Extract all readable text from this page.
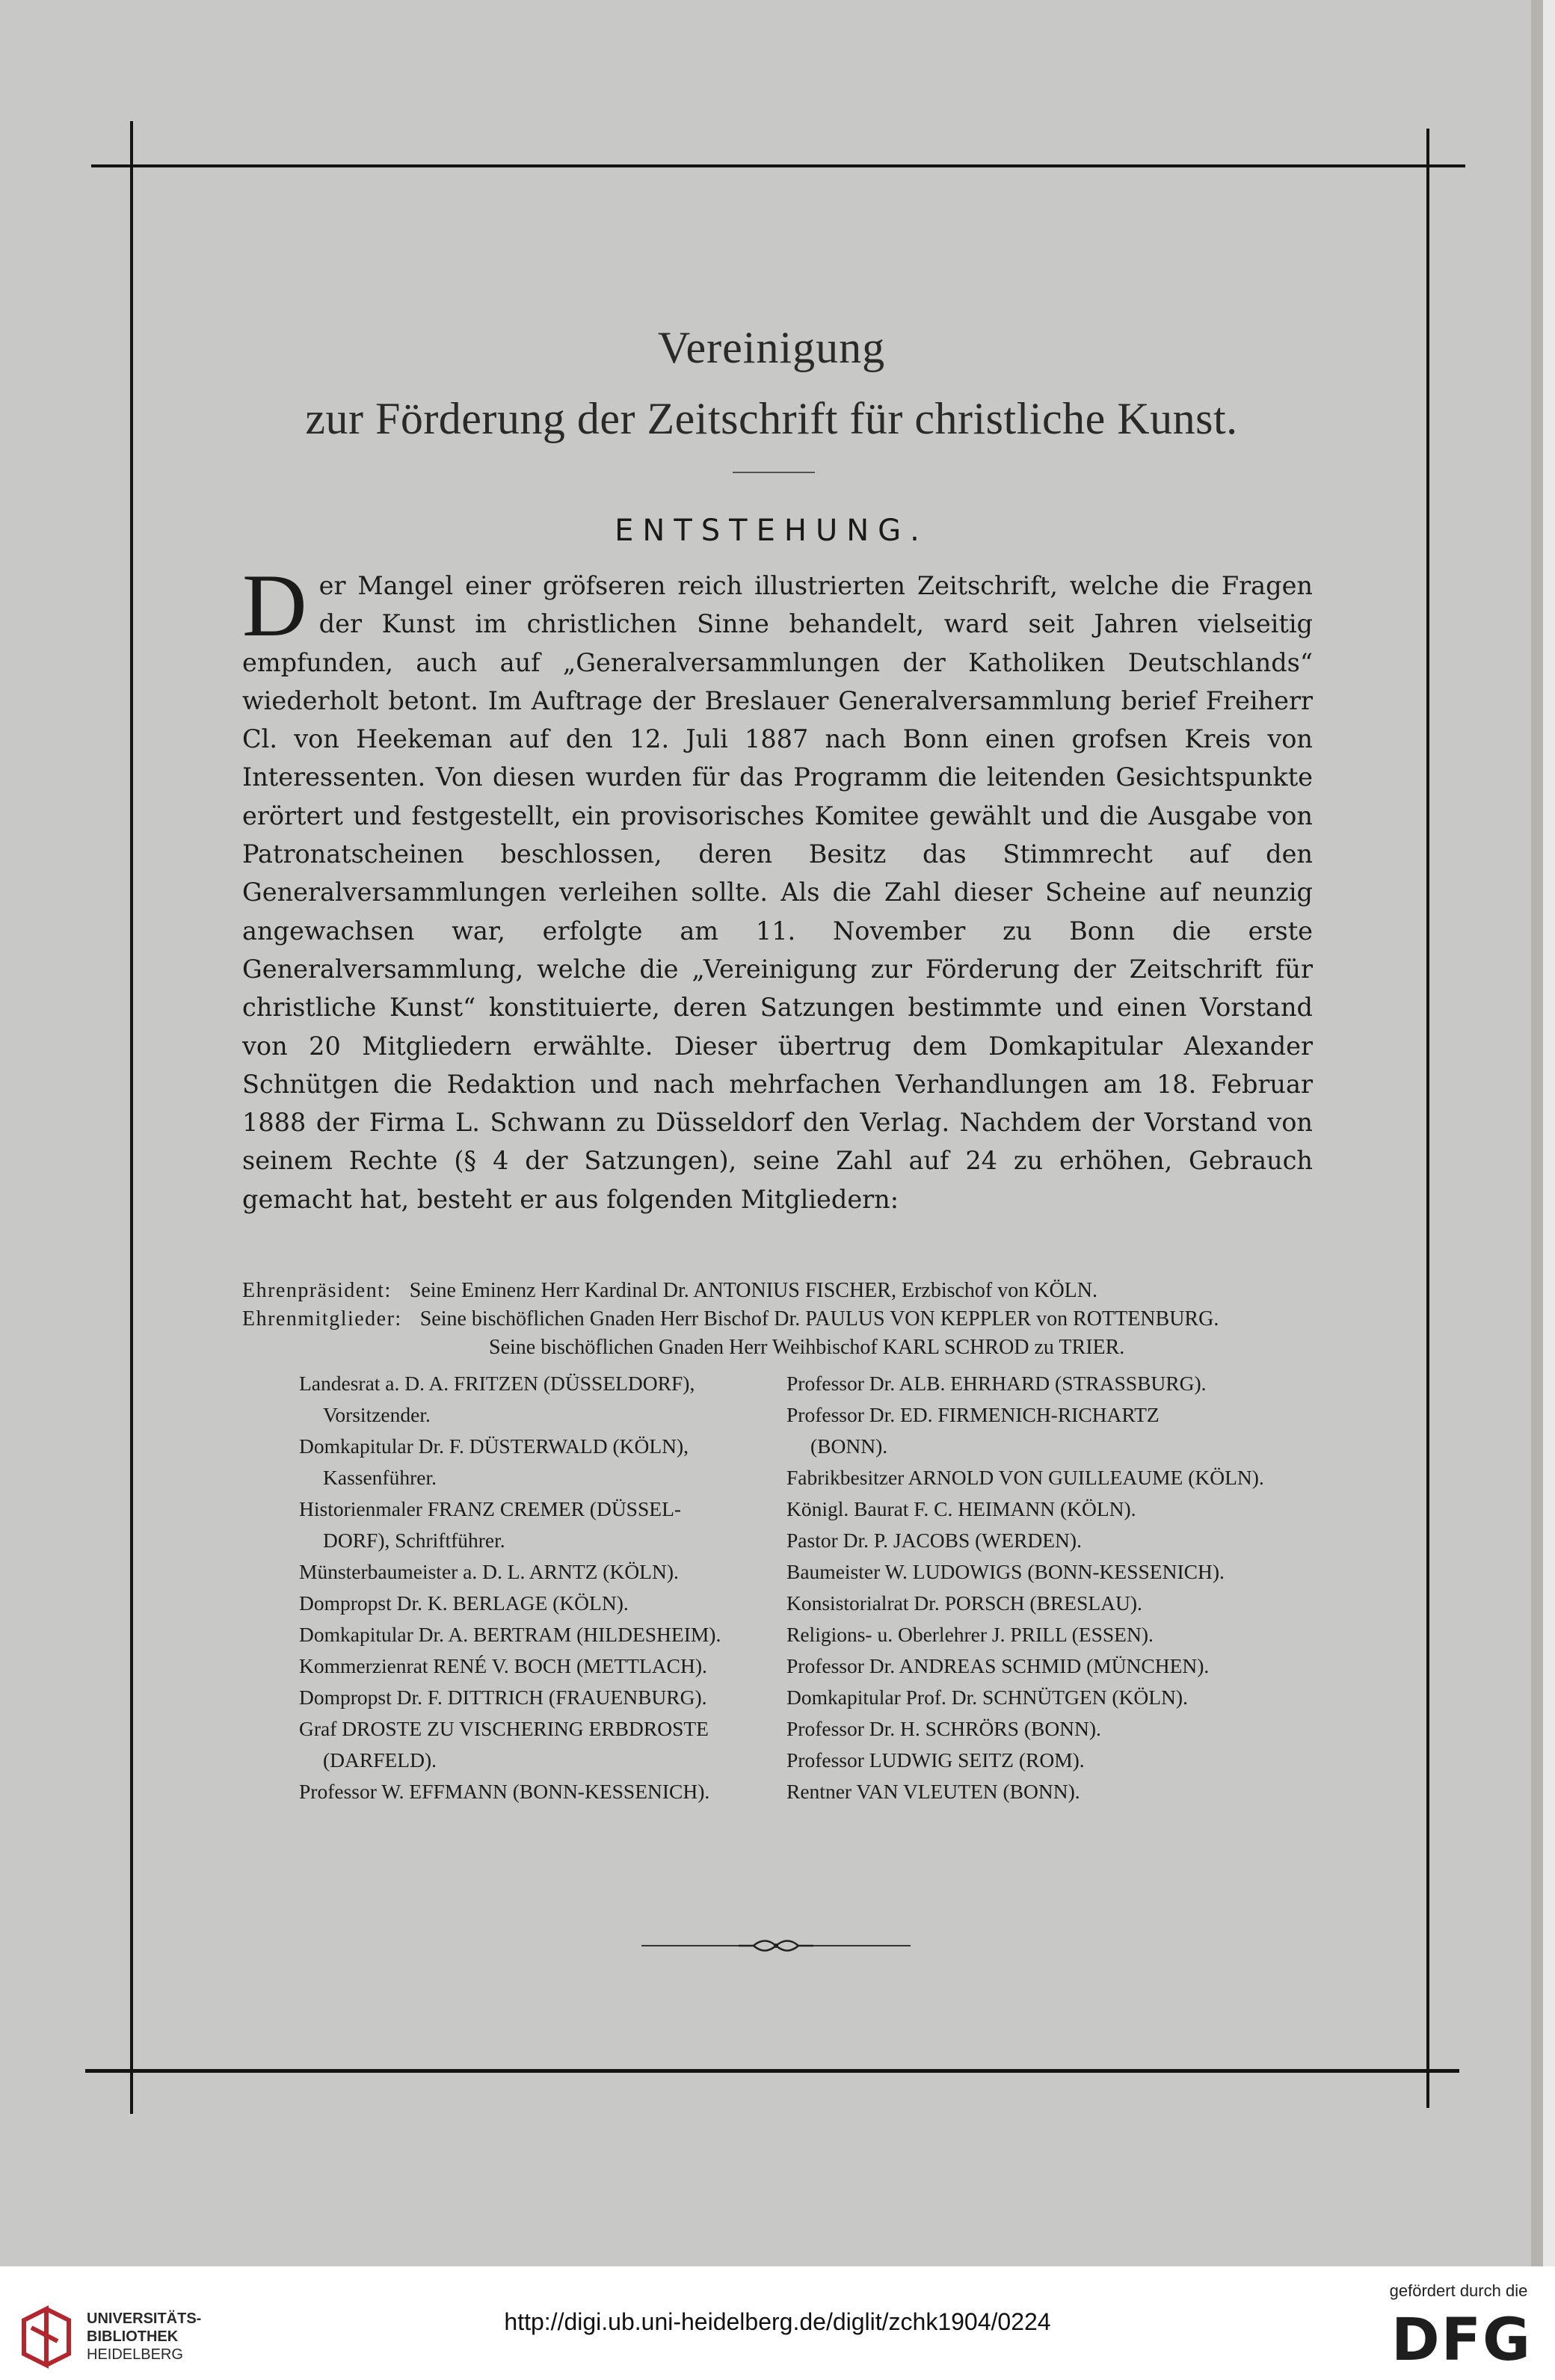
Vereinigung
zur Förderung der Zeitschrift für christliche Kunst.
ENTSTEHUNG.

D er Mangel einer gröfseren reich illustrierten Zeitschrift, welche die Fragen der Kunst im christlichen Sinne behandelt, ward seit Jahren vielseitig empfunden, auch auf „Generalversammlungen der Katholiken Deutschlands“ wiederholt betont. Im Auftrage der Breslauer Generalversammlung berief Freiherr Cl. von Heekeman auf den 12. Juli 1887 nach Bonn einen grofsen Kreis von Interessenten. Von diesen wurden für das Programm die leitenden Gesichtspunkte erörtert und festgestellt, ein provisorisches Komitee gewählt und die Ausgabe von Patronatscheinen beschlossen, deren Besitz das Stimmrecht auf den Generalversammlungen verleihen sollte. Als die Zahl dieser Scheine auf neunzig angewachsen war, erfolgte am 11. November zu Bonn die erste Generalversammlung, welche die „Vereinigung zur Förderung der Zeitschrift für christliche Kunst“ konstituierte, deren Satzungen bestimmte und einen Vorstand von 20 Mitgliedern erwählte. Dieser übertrug dem Domkapitular Alexander Schnütgen die Redaktion und nach mehrfachen Verhandlungen am 18. Februar 1888 der Firma L. Schwann zu Düsseldorf den Verlag. Nachdem der Vorstand von seinem Rechte (§ 4 der Satzungen), seine Zahl auf 24 zu erhöhen, Gebrauch gemacht hat, besteht er aus folgenden Mitgliedern:

Ehrenpräsident: Seine Eminenz Herr Kardinal Dr. ANTONIUS FISCHER, Erzbischof von KÖLN.
Ehrenmitglieder: Seine bischöflichen Gnaden Herr Bischof Dr. PAULUS VON KEPPLER von ROTTENBURG.
Seine bischöflichen Gnaden Herr Weihbischof KARL SCHROD zu TRIER.
Landesrat a. D. A. FRITZEN (DÜSSELDORF),
Vorsitzender.
Domkapitular Dr. F. DÜSTERWALD (KÖLN),
Kassenführer.
Historienmaler FRANZ CREMER (DÜSSEL-
DORF), Schriftführer.
Münsterbaumeister a. D. L. ARNTZ (KÖLN).
Dompropst Dr. K. BERLAGE (KÖLN).
Domkapitular Dr. A. BERTRAM (HILDESHEIM).
Kommerzienrat RENÉ V. BOCH (METTLACH).
Dompropst Dr. F. DITTRICH (FRAUENBURG).
Graf DROSTE ZU VISCHERING ERBDROSTE
(DARFELD).
Professor W. EFFMANN (BONN-KESSENICH).
Professor Dr. ALB. EHRHARD (STRASSBURG).
Professor Dr. ED. FIRMENICH-RICHARTZ
(BONN).
Fabrikbesitzer ARNOLD VON GUILLEAUME (KÖLN).
Königl. Baurat F. C. HEIMANN (KÖLN).
Pastor Dr. P. JACOBS (WERDEN).
Baumeister W. LUDOWIGS (BONN-KESSENICH).
Konsistorialrat Dr. PORSCH (BRESLAU).
Religions- u. Oberlehrer J. PRILL (ESSEN).
Professor Dr. ANDREAS SCHMID (MÜNCHEN).
Domkapitular Prof. Dr. SCHNÜTGEN (KÖLN).
Professor Dr. H. SCHRÖRS (BONN).
Professor LUDWIG SEITZ (ROM).
Rentner VAN VLEUTEN (BONN).
UNIVERSITÄTS-
BIBLIOTHEK
HEIDELBERG
http://digi.ub.uni-heidelberg.de/diglit/zchk1904/0224
gefördert durch die
DFG
